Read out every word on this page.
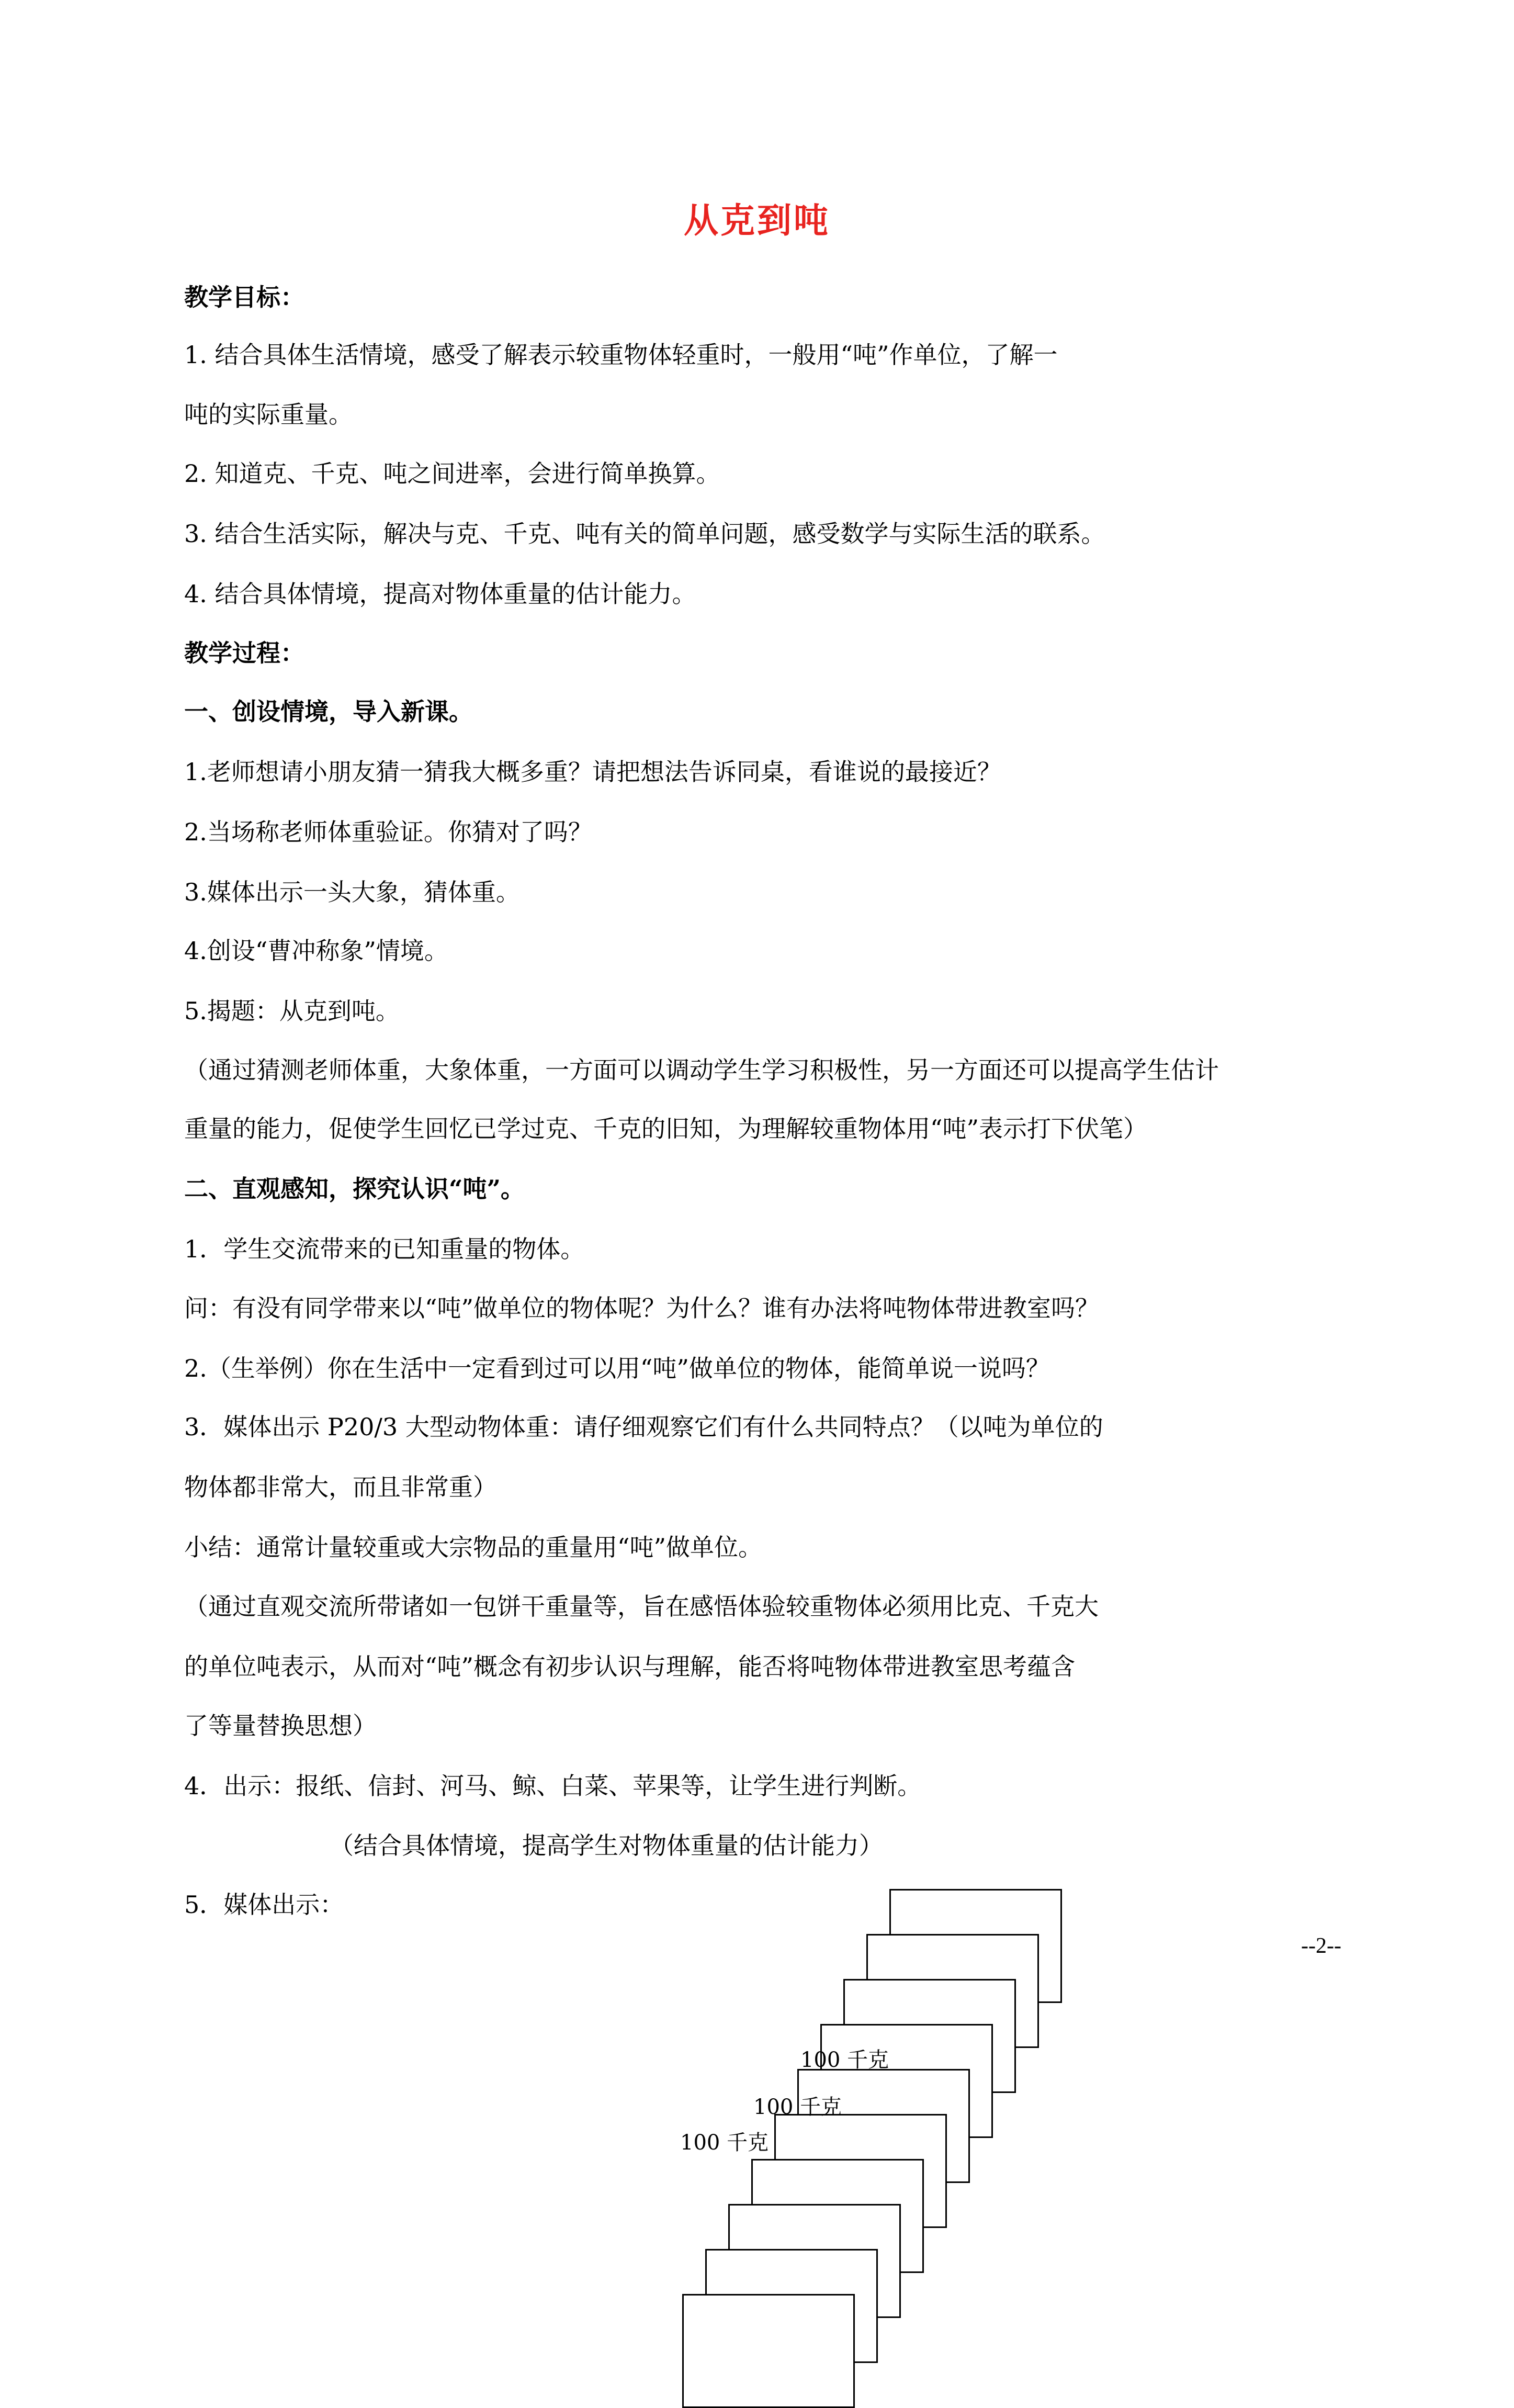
从克到吨
教学目标：
1. 结合具体生活情境，感受了解表示较重物体轻重时，一般用“吨”作单位，了解一
吨的实际重量。
2. 知道克、千克、吨之间进率，会进行简单换算。
3. 结合生活实际，解决与克、千克、吨有关的简单问题，感受数学与实际生活的联系。
4. 结合具体情境，提高对物体重量的估计能力。
教学过程：
一、创设情境，导入新课。
1.老师想请小朋友猜一猜我大概多重？请把想法告诉同桌，看谁说的最接近？
2.当场称老师体重验证。你猜对了吗？
3.媒体出示一头大象，猜体重。
4.创设“曹冲称象”情境。
5.揭题：从克到吨。
（通过猜测老师体重，大象体重，一方面可以调动学生学习积极性，另一方面还可以提高学生估计
重量的能力，促使学生回忆已学过克、千克的旧知，为理解较重物体用“吨”表示打下伏笔）
二、直观感知，探究认识“吨”。
1．学生交流带来的已知重量的物体。
问：有没有同学带来以“吨”做单位的物体呢？为什么？谁有办法将吨物体带进教室吗？
2.（生举例）你在生活中一定看到过可以用“吨”做单位的物体，能简单说一说吗？
3．媒体出示 P20/3 大型动物体重：请仔细观察它们有什么共同特点？（以吨为单位的
物体都非常大，而且非常重）
小结：通常计量较重或大宗物品的重量用“吨”做单位。
（通过直观交流所带诸如一包饼干重量等，旨在感悟体验较重物体必须用比克、千克大
的单位吨表示，从而对“吨”概念有初步认识与理解，能否将吨物体带进教室思考蕴含
了等量替换思想）
4．出示：报纸、信封、河马、鲸、白菜、苹果等，让学生进行判断。
（结合具体情境，提高学生对物体重量的估计能力）
5．媒体出示：
100 千克
100 千克
100 千克
--2--
